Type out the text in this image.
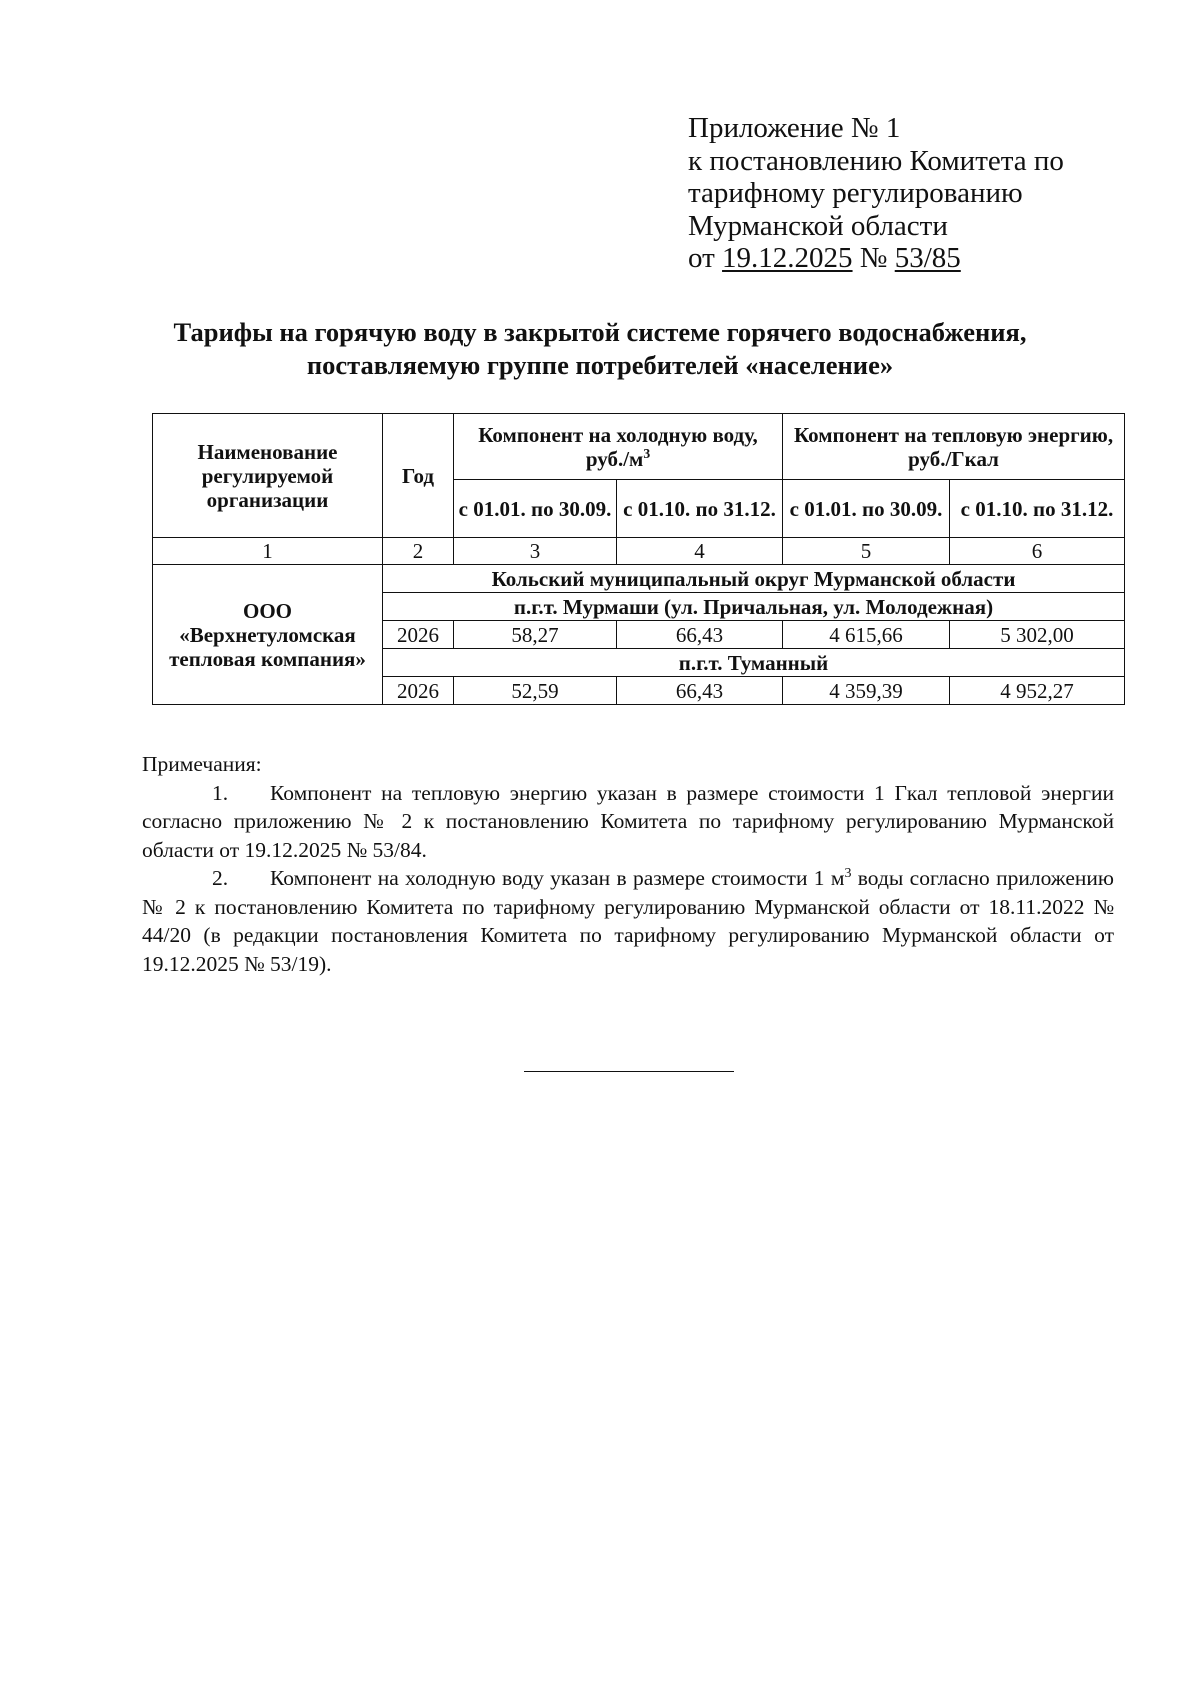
Приложение № 1
к постановлению Комитета по
тарифному регулированию
Мурманской области
от 19.12.2025 № 53/85
Тарифы на горячую воду в закрытой системе горячего водоснабжения,
поставляемую группе потребителей «население»
Наименование регулируемой организации	Год	Компонент на холодную воду, $руб./м^3$		Компонент на тепловую энергию, руб./Гкал	
		с 01.01. по 30.09.	с 01.10. по 31.12.	с 01.01. по 30.09.	с 01.10. по 31.12.
1	2	3	4	5	6
ООО «Верхнетуломская тепловая компания»	Кольский муниципальный округ Мурманской области				
	п.г.т. Мурмаши (ул. Причальная, ул. Молодежная)				
	2026	58,27	66,43	4 615,66	5 302,00
	п.г.т. Туманный				
	2026	52,59	66,43	4 359,39	4 952,27

Примечания:

1. Компонент на тепловую энергию указан в размере стоимости 1 Гкал тепловой энергии согласно приложению № 2 к постановлению Комитета по тарифному регулированию Мурманской области от 19.12.2025 № 53/84.

2. Компонент на холодную воду указан в размере стоимости 1 $м^3$ воды согласно приложению № 2 к постановлению Комитета по тарифному регулированию Мурманской области от 18.11.2022 № 44/20 (в редакции постановления Комитета по тарифному регулированию Мурманской области от 19.12.2025 № 53/19).
